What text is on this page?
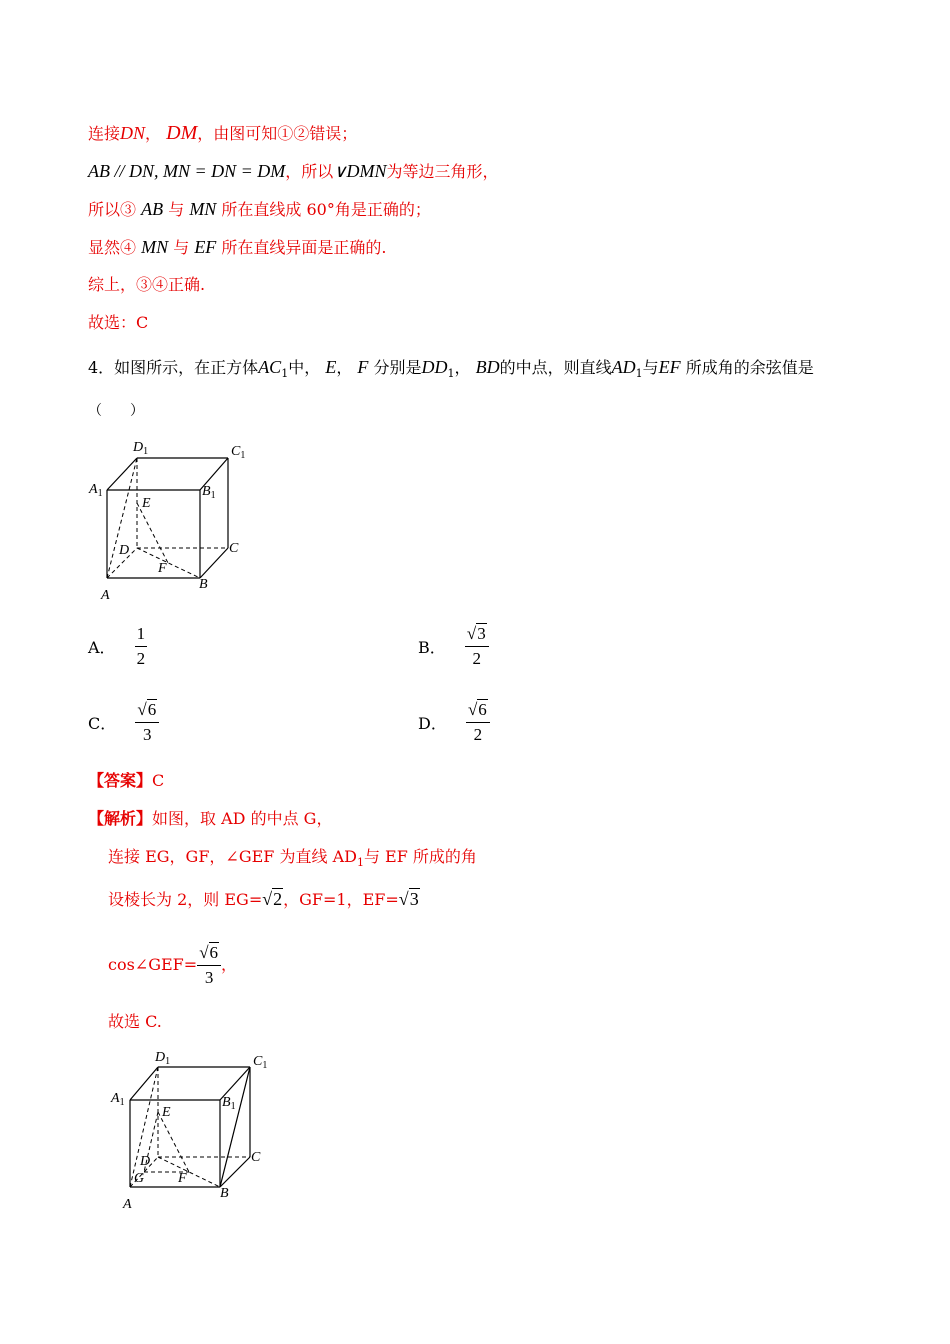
连接DN， DM，由图可知①②错误；
AB // DN, MN = DN = DM，所以∨DMN为等边三角形，
所以③ AB 与 MN 所在直线成 60°角是正确的；
显然④ MN 与 EF 所在直线异面是正确的.
综上，③④正确.
故选：C
4．如图所示，在正方体$AC_1$中， E， F 分别是$DD_1$， BD的中点，则直线$AD_1$与EF 所成角的余弦值是
（　　）
$D_1$	$C_1$
$A_1$	$B_1$
E
D	C
F
B
A
A． $\frac{1}{2}$	B． $\frac{√3}{2}$
C． $\frac{√6}{3}$	D． $\frac{√6}{2}$
【答案】C
【解析】如图，取 AD 的中点 G，
连接 EG，GF，∠GEF 为直线 $AD_1$与 EF 所成的角
设棱长为 2，则 EG=√2，GF=1，EF=√3
cos∠GEF= $\frac{√6}{3}$ ，
故选 C.
$D_1$	$C_1$
$A_1$	$B_1$
E
D
G
C
F
B
A
